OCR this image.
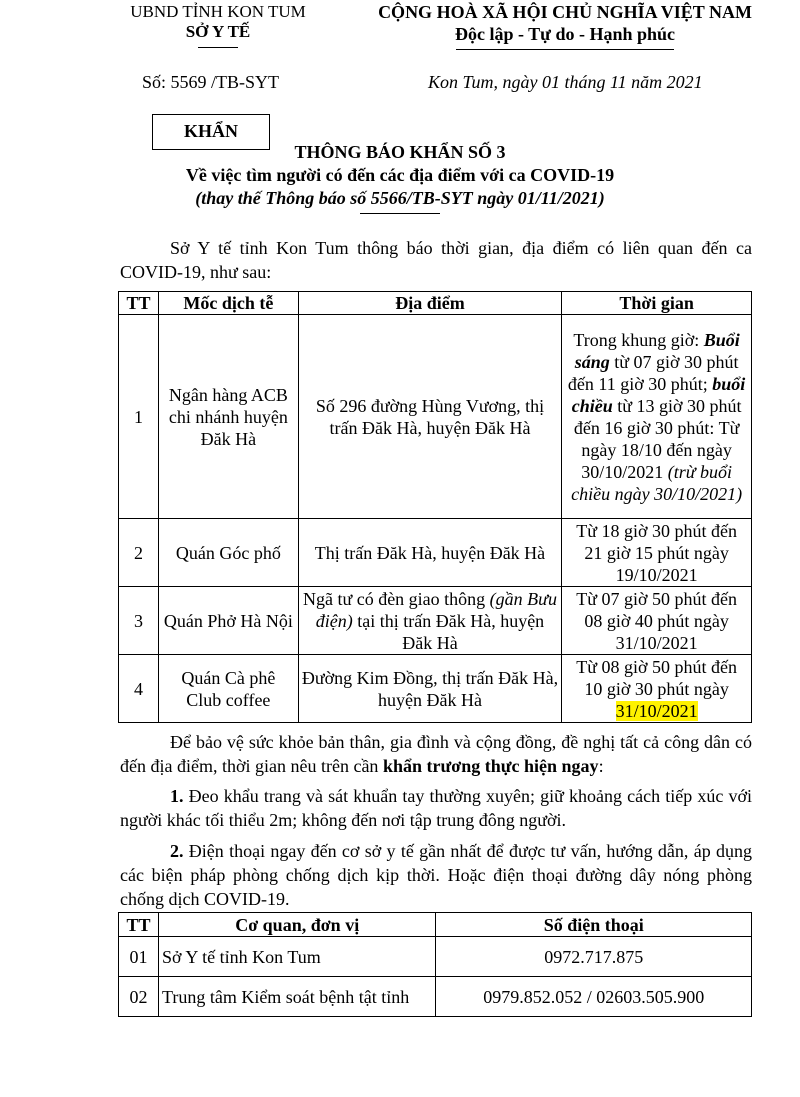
UBND TỈNH KON TUM
SỞ Y TẾ
CỘNG HOÀ XÃ HỘI CHỦ NGHĨA VIỆT NAM
Độc lập - Tự do - Hạnh phúc
Số: 5569 /TB-SYT	Kon Tum, ngày 01 tháng 11 năm 2021
KHẨN
THÔNG BÁO KHẨN SỐ 3
Về việc tìm người có đến các địa điểm với ca COVID-19
(thay thế Thông báo số 5566/TB-SYT ngày 01/11/2021)

Sở Y tế tỉnh Kon Tum thông báo thời gian, địa điểm có liên quan đến ca COVID-19, như sau:

TT	Mốc dịch tễ	Địa điểm	Thời gian
1	Ngân hàng ACB chi nhánh huyện Đăk Hà	Số 296 đường Hùng Vương, thị trấn Đăk Hà, huyện Đăk Hà	Trong khung giờ: Buổi sáng từ 07 giờ 30 phút đến 11 giờ 30 phút; buổi chiều từ 13 giờ 30 phút đến 16 giờ 30 phút: Từ ngày 18/10 đến ngày 30/10/2021 (trừ buổi chiều ngày 30/10/2021)
2	Quán Góc phố	Thị trấn Đăk Hà, huyện Đăk Hà	Từ 18 giờ 30 phút đến 21 giờ 15 phút ngày 19/10/2021
3	Quán Phở Hà Nội	Ngã tư có đèn giao thông (gần Bưu điện) tại thị trấn Đăk Hà, huyện Đăk Hà	Từ 07 giờ 50 phút đến 08 giờ 40 phút ngày 31/10/2021
4	Quán Cà phê Club coffee	Đường Kim Đồng, thị trấn Đăk Hà, huyện Đăk Hà	Từ 08 giờ 50 phút đến 10 giờ 30 phút ngày 31/10/2021

Để bảo vệ sức khỏe bản thân, gia đình và cộng đồng, đề nghị tất cả công dân có đến địa điểm, thời gian nêu trên cần khẩn trương thực hiện ngay:

1. Đeo khẩu trang và sát khuẩn tay thường xuyên; giữ khoảng cách tiếp xúc với người khác tối thiểu 2m; không đến nơi tập trung đông người.

2. Điện thoại ngay đến cơ sở y tế gần nhất để được tư vấn, hướng dẫn, áp dụng các biện pháp phòng chống dịch kịp thời. Hoặc điện thoại đường dây nóng phòng chống dịch COVID-19.

TT	Cơ quan, đơn vị	Số điện thoại
01	Sở Y tế tỉnh Kon Tum	0972.717.875
02	Trung tâm Kiểm soát bệnh tật tỉnh	0979.852.052 / 02603.505.900
